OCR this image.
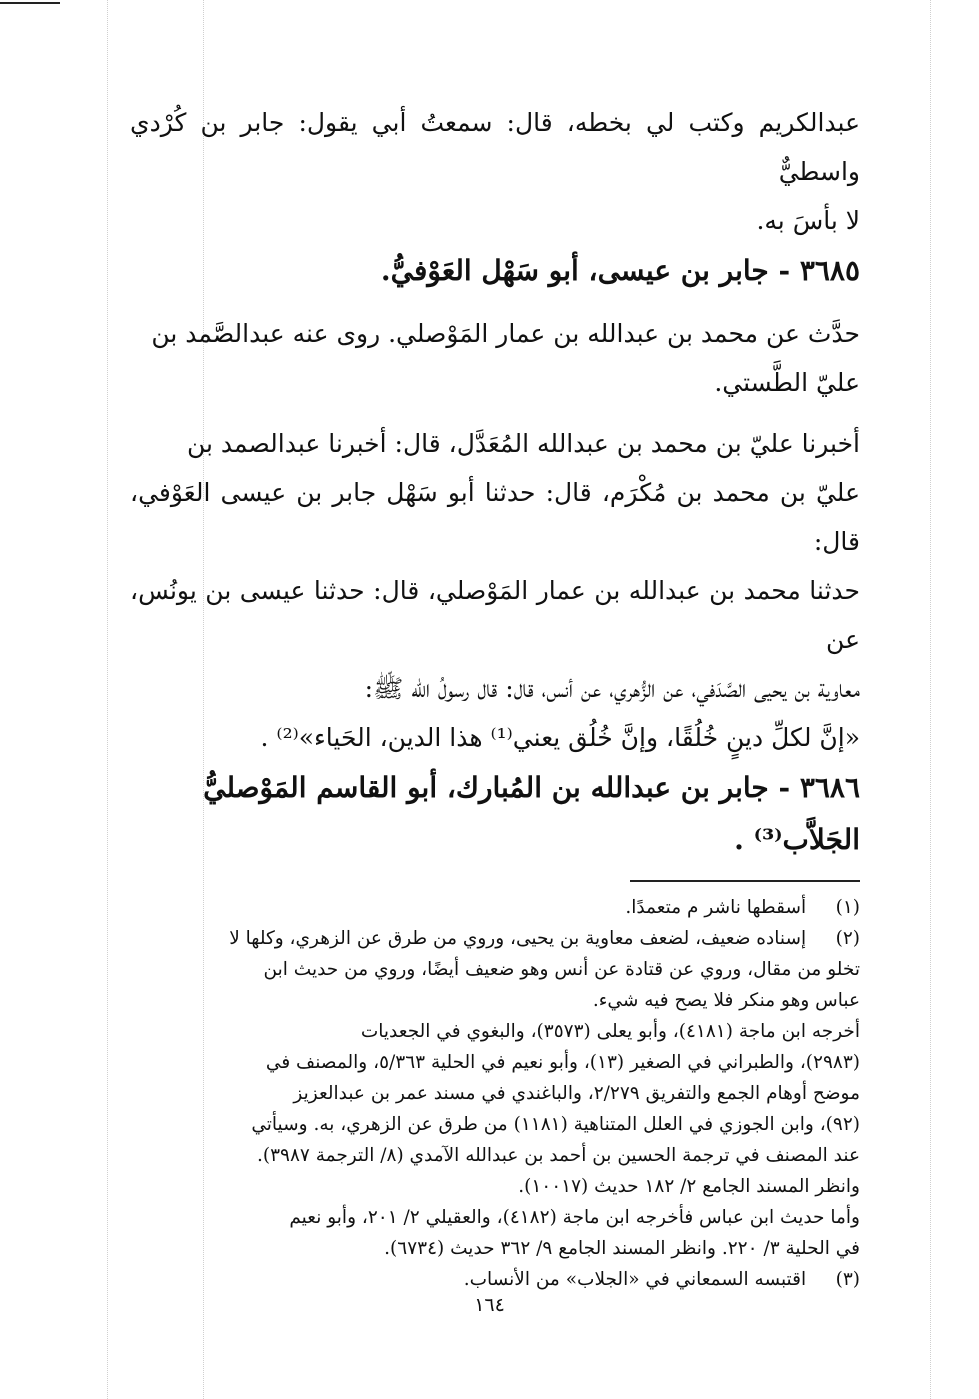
عبدالكريم وكتب لي بخطه، قال: سمعتُ أبي يقول: جابر بن كُرْدي واسطيٌّ

لا بأسَ به.

٣٦٨٥ - جابر بن عيسى، أبو سَهْل العَوْفيُّ.

حدَّث عن محمد بن عبدالله بن عمار المَوْصلي. روى عنه عبدالصَّمد بن

عليّ الطَّستي.

أخبرنا عليّ بن محمد بن عبدالله المُعَدَّل، قال: أخبرنا عبدالصمد بن

عليّ بن محمد بن مُكْرَم، قال: حدثنا أبو سَهْل جابر بن عيسى العَوْفي، قال:

حدثنا محمد بن عبدالله بن عمار المَوْصلي، قال: حدثنا عيسى بن يونُس، عن

معاوية بن يحيى الصَّدَفي، عن الزُّهري، عن أنس، قال: قال رسولُ الله ﷺ:

«إنَّ لكلِّ دينٍ خُلُقًا، وإنَّ خُلُق يعني⁽¹⁾ هذا الدين، الحَياء»⁽²⁾ .

٣٦٨٦ - جابر بن عبدالله بن المُبارك، أبو القاسم المَوْصليُّ

الجَلاَّب⁽³⁾ .

(١) أسقطها ناشر م متعمدًا.

(٢) إسناده ضعيف، لضعف معاوية بن يحيى، وروي من طرق عن الزهري، وكلها لا

تخلو من مقال، وروي عن قتادة عن أنس وهو ضعيف أيضًا، وروي من حديث ابن

عباس وهو منكر فلا يصح فيه شيء.

أخرجه ابن ماجة (٤١٨١)، وأبو يعلى (٣٥٧٣)، والبغوي في الجعديات

(٢٩٨٣)، والطبراني في الصغير (١٣)، وأبو نعيم في الحلية ٥/٣٦٣، والمصنف في

موضح أوهام الجمع والتفريق ٢/٢٧٩، والباغندي في مسند عمر بن عبدالعزيز

(٩٢)، وابن الجوزي في العلل المتناهية (١١٨١) من طرق عن الزهري، به. وسيأتي

عند المصنف في ترجمة الحسين بن أحمد بن عبدالله الآمدي (٨/ الترجمة ٣٩٨٧).

وانظر المسند الجامع ٢/ ١٨٢ حديث (١٠٠١٧).

وأما حديث ابن عباس فأخرجه ابن ماجة (٤١٨٢)، والعقيلي ٢/ ٢٠١، وأبو نعيم

في الحلية ٣/ ٢٢٠. وانظر المسند الجامع ٩/ ٣٦٢ حديث (٦٧٣٤).

(٣) اقتبسه السمعاني في «الجلاب» من الأنساب.

١٦٤
